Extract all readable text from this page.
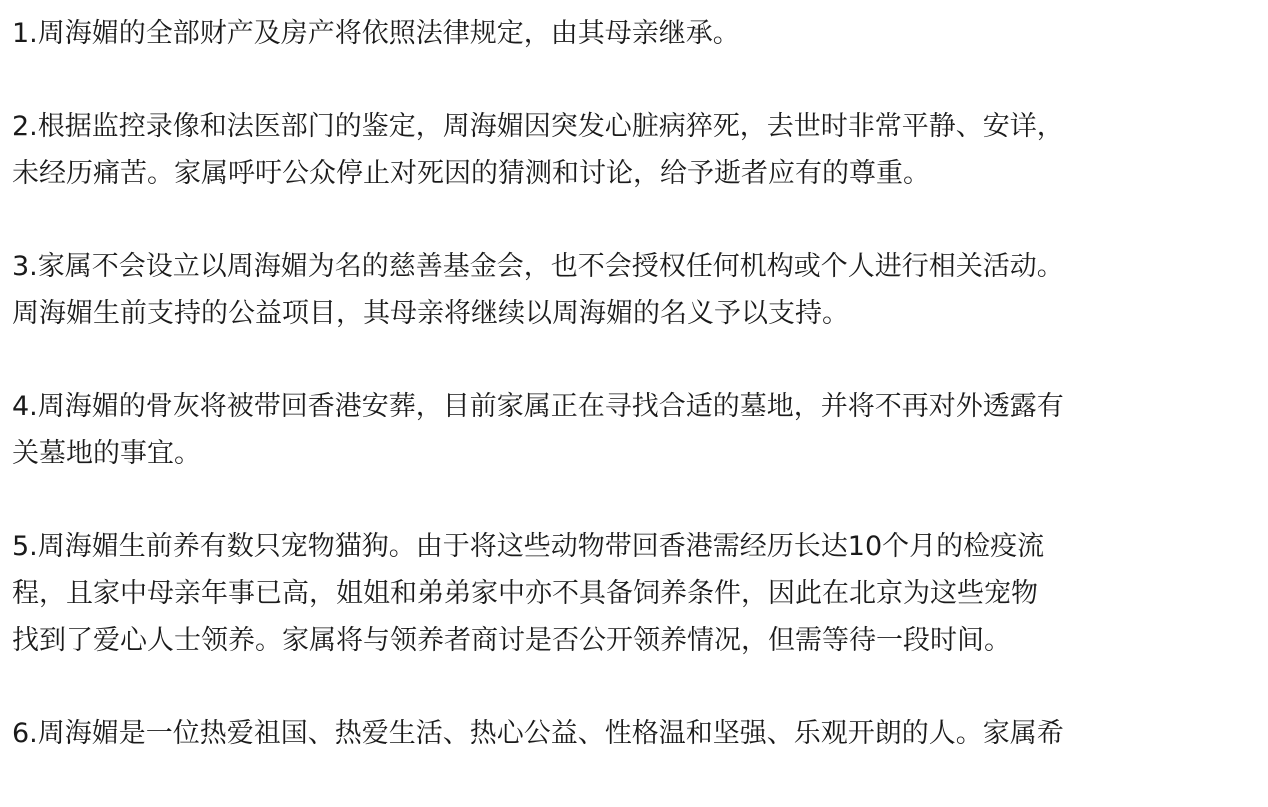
1.周海媚的全部财产及房产将依照法律规定，由其母亲继承。

2.根据监控录像和法医部门的鉴定，周海媚因突发心脏病猝死，去世时非常平静、安详，
未经历痛苦。家属呼吁公众停止对死因的猜测和讨论，给予逝者应有的尊重。

3.家属不会设立以周海媚为名的慈善基金会，也不会授权任何机构或个人进行相关活动。
周海媚生前支持的公益项目，其母亲将继续以周海媚的名义予以支持。

4.周海媚的骨灰将被带回香港安葬，目前家属正在寻找合适的墓地，并将不再对外透露有
关墓地的事宜。

5.周海媚生前养有数只宠物猫狗。由于将这些动物带回香港需经历长达10个月的检疫流
程，且家中母亲年事已高，姐姐和弟弟家中亦不具备饲养条件，因此在北京为这些宠物
找到了爱心人士领养。家属将与领养者商讨是否公开领养情况，但需等待一段时间。

6.周海媚是一位热爱祖国、热爱生活、热心公益、性格温和坚强、乐观开朗的人。家属希
